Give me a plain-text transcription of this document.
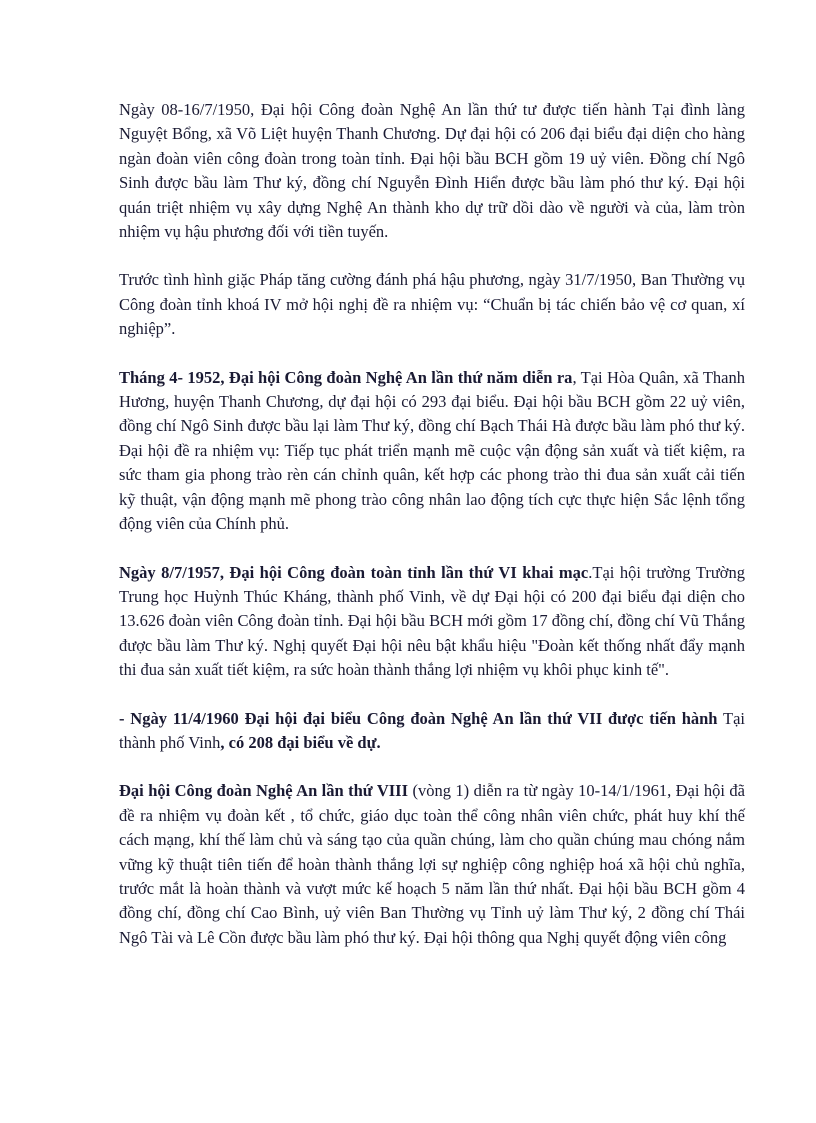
Ngày 08-16/7/1950, Đại hội Công đoàn Nghệ An lần thứ tư được tiến hành Tại đình làng Nguyệt Bổng, xã Võ Liệt huyện Thanh Chương. Dự đại hội có 206 đại biểu đại diện cho hàng ngàn đoàn viên công đoàn trong toàn tỉnh. Đại hội bầu BCH gồm 19 uỷ viên. Đồng chí Ngô Sinh được bầu làm Thư ký, đồng chí Nguyễn Đình Hiển được bầu làm phó thư ký. Đại hội quán triệt nhiệm vụ xây dựng Nghệ An thành kho dự trữ dồi dào về người và của, làm tròn nhiệm vụ hậu phương đối với tiền tuyến.

Trước tình hình giặc Pháp tăng cường đánh phá hậu phương, ngày 31/7/1950, Ban Thường vụ Công đoàn tỉnh khoá IV mở hội nghị đề ra nhiệm vụ: “Chuẩn bị tác chiến bảo vệ cơ quan, xí nghiệp”.

Tháng 4- 1952, Đại hội Công đoàn Nghệ An lần thứ năm diễn ra, Tại Hòa Quân, xã Thanh Hương, huyện Thanh Chương, dự đại hội có 293 đại biểu. Đại hội bầu BCH gồm 22 uỷ viên, đồng chí Ngô Sinh được bầu lại làm Thư ký, đồng chí Bạch Thái Hà được bầu làm phó thư ký. Đại hội đề ra nhiệm vụ: Tiếp tục phát triển mạnh mẽ cuộc vận động sản xuất và tiết kiệm, ra sức tham gia phong trào rèn cán chỉnh quân, kết hợp các phong trào thi đua sản xuất cải tiến kỹ thuật, vận động mạnh mẽ phong trào công nhân lao động tích cực thực hiện Sắc lệnh tổng động viên của Chính phủ.

Ngày 8/7/1957, Đại hội Công đoàn toàn tỉnh lần thứ VI khai mạc.Tại hội trường Trường Trung học Huỳnh Thúc Kháng, thành phố Vinh, về dự Đại hội có 200 đại biểu đại diện cho 13.626 đoàn viên Công đoàn tỉnh. Đại hội bầu BCH mới gồm 17 đồng chí, đồng chí Vũ Thắng được bầu làm Thư ký. Nghị quyết Đại hội nêu bật khẩu hiệu "Đoàn kết thống nhất đẩy mạnh thi đua sản xuất tiết kiệm, ra sức hoàn thành thắng lợi nhiệm vụ khôi phục kinh tế".

- Ngày 11/4/1960 Đại hội đại biểu Công đoàn Nghệ An lần thứ VII được tiến hành Tại thành phố Vinh, có 208 đại biểu về dự.

Đại hội Công đoàn Nghệ An lần thứ VIII (vòng 1) diễn ra từ ngày 10-14/1/1961, Đại hội đã đề ra nhiệm vụ đoàn kết , tổ chức, giáo dục toàn thể công nhân viên chức, phát huy khí thế cách mạng, khí thế làm chủ và sáng tạo của quần chúng, làm cho quần chúng mau chóng nắm vững kỹ thuật tiên tiến để hoàn thành thắng lợi sự nghiệp công nghiệp hoá xã hội chủ nghĩa, trước mắt là hoàn thành và vượt mức kế hoạch 5 năm lần thứ nhất. Đại hội bầu BCH gồm 4 đồng chí, đồng chí Cao Bình, uỷ viên Ban Thường vụ Tỉnh uỷ làm Thư ký, 2 đồng chí Thái Ngô Tài và Lê Cồn được bầu làm phó thư ký. Đại hội thông qua Nghị quyết động viên công
